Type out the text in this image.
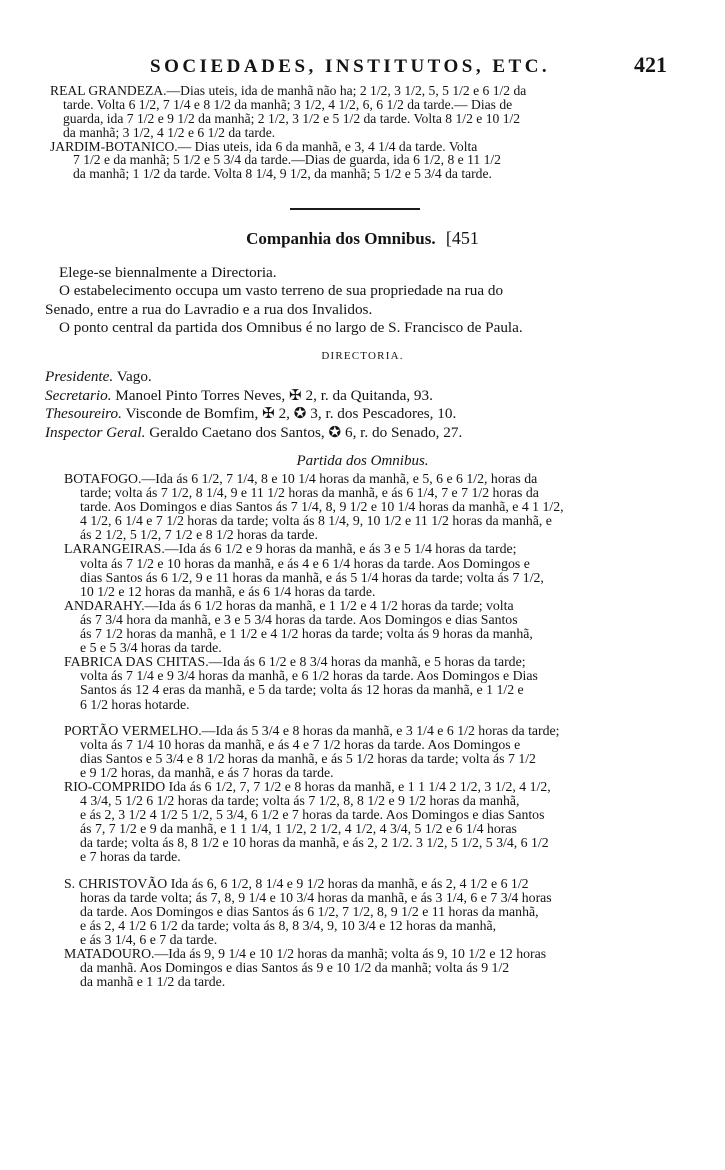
SOCIEDADES, INSTITUTOS, ETC.	421
REAL GRANDEZA.—Dias uteis, ida de manhã não ha; 2 1/2, 3 1/2, 5, 5 1/2 e 6 1/2 da
tarde. Volta 6 1/2, 7 1/4 e 8 1/2 da manhã; 3 1/2, 4 1/2, 6, 6 1/2 da tarde.— Dias de
guarda, ida 7 1/2 e 9 1/2 da manhã; 2 1/2, 3 1/2 e 5 1/2 da tarde. Volta 8 1/2 e 10 1/2
da manhã; 3 1/2, 4 1/2 e 6 1/2 da tarde.
JARDIM-BOTANICO.— Dias uteis, ida 6 da manhã, e 3, 4 1/4 da tarde. Volta
7 1/2 e da manhã; 5 1/2 e 5 3/4 da tarde.—Dias de guarda, ida 6 1/2, 8 e 11 1/2
da manhã; 1 1/2 da tarde. Volta 8 1/4, 9 1/2, da manhã; 5 1/2 e 5 3/4 da tarde.
Companhia dos Omnibus. [451
Elege-se biennalmente a Directoria.
O estabelecimento occupa um vasto terreno de sua propriedade na rua do
Senado, entre a rua do Lavradio e a rua dos Invalidos.
O ponto central da partida dos Omnibus é no largo de S. Francisco de Paula.
DIRECTORIA.
Presidente. Vago.
Secretario. Manoel Pinto Torres Neves, ✠ 2, r. da Quitanda, 93.
Thesoureiro. Visconde de Bomfim, ✠ 2, ✪ 3, r. dos Pescadores, 10.
Inspector Geral. Geraldo Caetano dos Santos, ✪ 6, r. do Senado, 27.
Partida dos Omnibus.
BOTAFOGO.—Ida ás 6 1/2, 7 1/4, 8 e 10 1/4 horas da manhã, e 5, 6 e 6 1/2, horas da
tarde; volta ás 7 1/2, 8 1/4, 9 e 11 1/2 horas da manhã, e ás 6 1/4, 7 e 7 1/2 horas da
tarde. Aos Domingos e dias Santos ás 7 1/4, 8, 9 1/2 e 10 1/4 horas da manhã, e 4 1 1/2,
4 1/2, 6 1/4 e 7 1/2 horas da tarde; volta ás 8 1/4, 9, 10 1/2 e 11 1/2 horas da manhã, e
ás 2 1/2, 5 1/2, 7 1/2 e 8 1/2 horas da tarde.
LARANGEIRAS.—Ida ás 6 1/2 e 9 horas da manhã, e ás 3 e 5 1/4 horas da tarde;
volta ás 7 1/2 e 10 horas da manhã, e ás 4 e 6 1/4 horas da tarde. Aos Domingos e
dias Santos ás 6 1/2, 9 e 11 horas da manhã, e ás 5 1/4 horas da tarde; volta ás 7 1/2,
10 1/2 e 12 horas da manhã, e ás 6 1/4 horas da tarde.
ANDARAHY.—Ida ás 6 1/2 horas da manhã, e 1 1/2 e 4 1/2 horas da tarde; volta
ás 7 3/4 hora da manhã, e 3 e 5 3/4 horas da tarde. Aos Domingos e dias Santos
ás 7 1/2 horas da manhã, e 1 1/2 e 4 1/2 horas da tarde; volta ás 9 horas da manhã,
e 5 e 5 3/4 horas da tarde.
FABRICA DAS CHITAS.—Ida ás 6 1/2 e 8 3/4 horas da manhã, e 5 horas da tarde;
volta ás 7 1/4 e 9 3/4 horas da manhã, e 6 1/2 horas da tarde. Aos Domingos e Dias
Santos ás 12 4 eras da manhã, e 5 da tarde; volta ás 12 horas da manhã, e 1 1/2 e
6 1/2 horas hotarde.
PORTÃO VERMELHO.—Ida ás 5 3/4 e 8 horas da manhã, e 3 1/4 e 6 1/2 horas da tarde;
volta ás 7 1/4 10 horas da manhã, e ás 4 e 7 1/2 horas da tarde. Aos Domingos e
dias Santos e 5 3/4 e 8 1/2 horas da manhã, e ás 5 1/2 horas da tarde; volta ás 7 1/2
e 9 1/2 horas, da manhã, e ás 7 horas da tarde.
RIO-COMPRIDO Ida ás 6 1/2, 7, 7 1/2 e 8 horas da manhã, e 1 1 1/4 2 1/2, 3 1/2, 4 1/2,
4 3/4, 5 1/2 6 1/2 horas da tarde; volta ás 7 1/2, 8, 8 1/2 e 9 1/2 horas da manhã,
e ás 2, 3 1/2 4 1/2 5 1/2, 5 3/4, 6 1/2 e 7 horas da tarde. Aos Domingos e dias Santos
ás 7, 7 1/2 e 9 da manhã, e 1 1 1/4, 1 1/2, 2 1/2, 4 1/2, 4 3/4, 5 1/2 e 6 1/4 horas
da tarde; volta ás 8, 8 1/2 e 10 horas da manhã, e ás 2, 2 1/2. 3 1/2, 5 1/2, 5 3/4, 6 1/2
e 7 horas da tarde.
S. CHRISTOVÃO Ida ás 6, 6 1/2, 8 1/4 e 9 1/2 horas da manhã, e ás 2, 4 1/2 e 6 1/2
horas da tarde volta; ás 7, 8, 9 1/4 e 10 3/4 horas da manhã, e ás 3 1/4, 6 e 7 3/4 horas
da tarde. Aos Domingos e dias Santos ás 6 1/2, 7 1/2, 8, 9 1/2 e 11 horas da manhã,
e ás 2, 4 1/2 6 1/2 da tarde; volta ás 8, 8 3/4, 9, 10 3/4 e 12 horas da manhã,
e ás 3 1/4, 6 e 7 da tarde.
MATADOURO.—Ida ás 9, 9 1/4 e 10 1/2 horas da manhã; volta ás 9, 10 1/2 e 12 horas
da manhã. Aos Domingos e dias Santos ás 9 e 10 1/2 da manhã; volta ás 9 1/2
da manhã e 1 1/2 da tarde.
